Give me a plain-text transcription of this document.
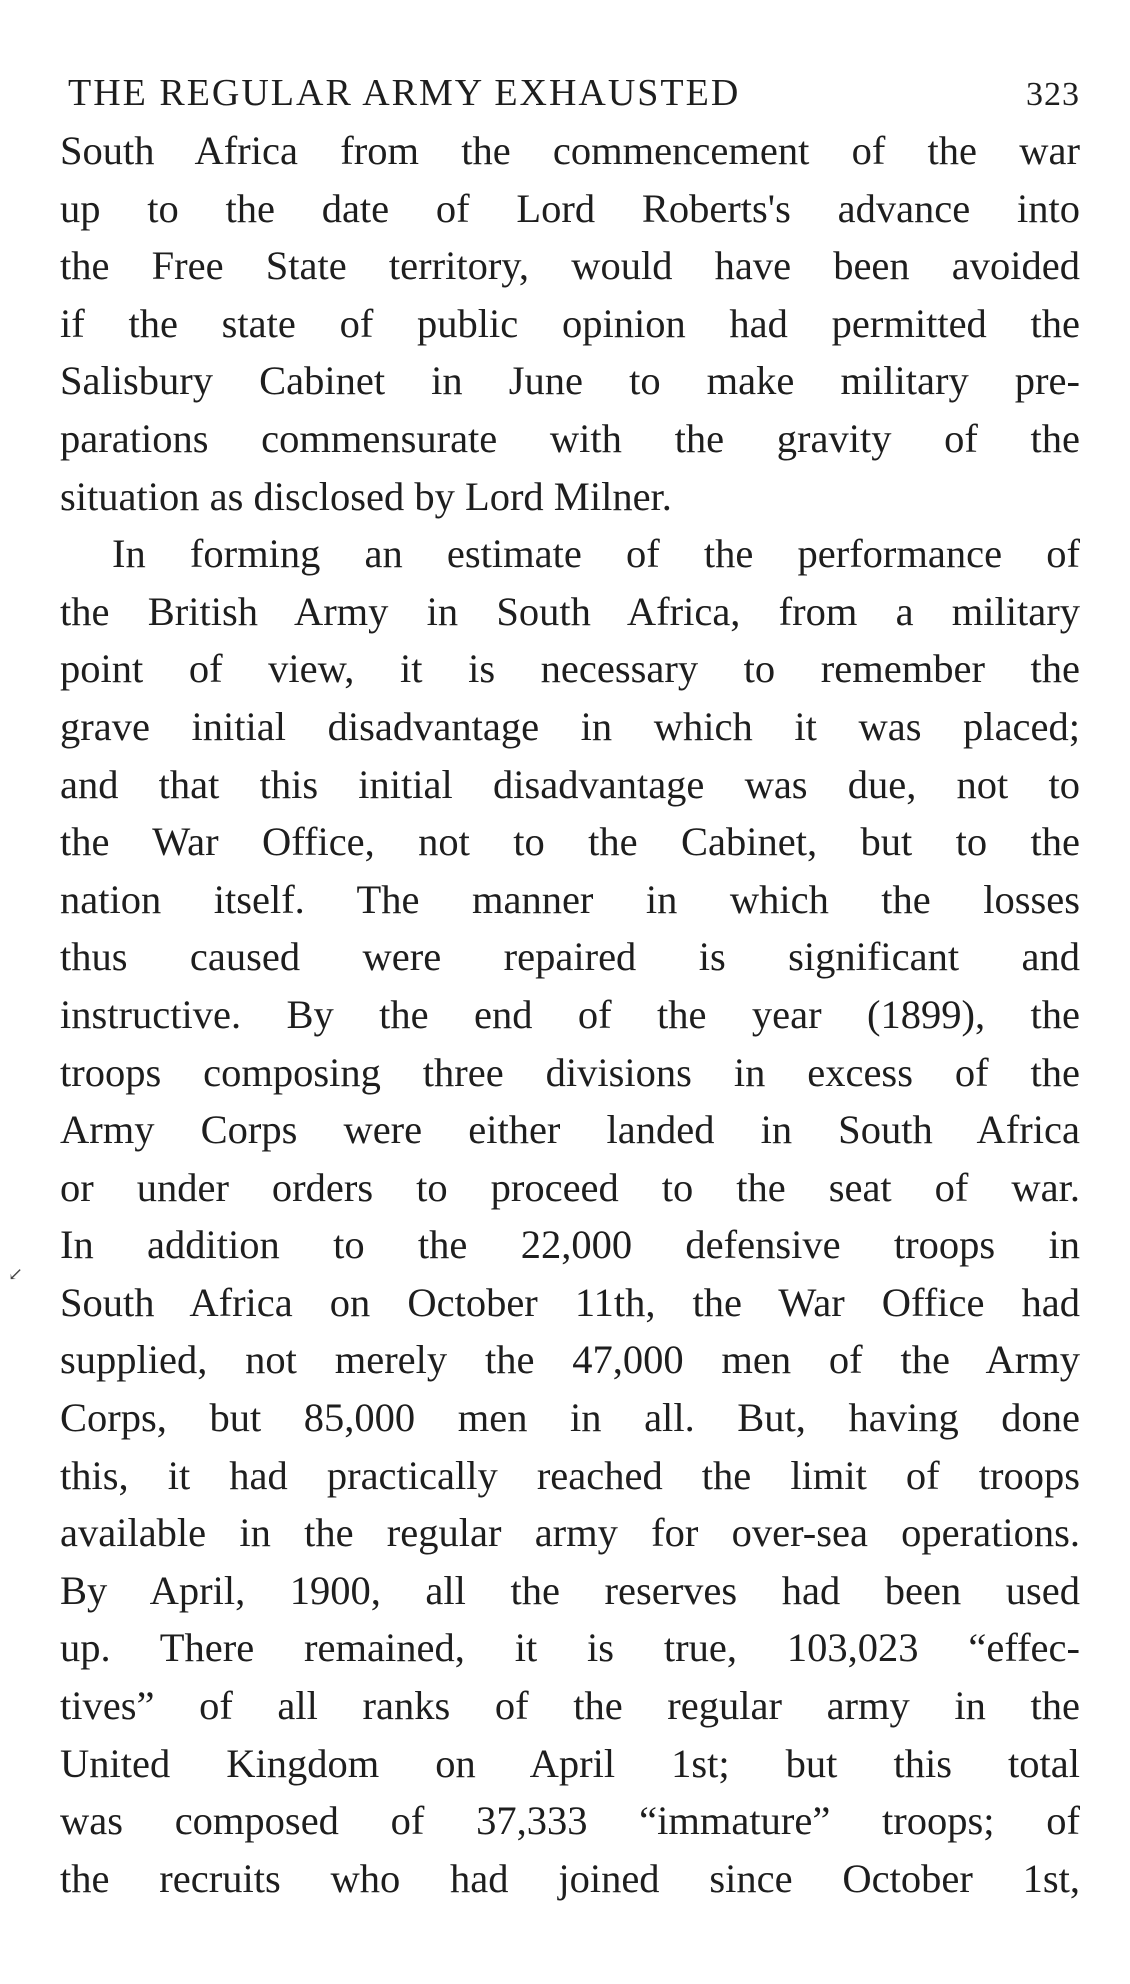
THE REGULAR ARMY EXHAUSTED	323
South Africa from the commencement of the war
up to the date of Lord Roberts's advance into
the Free State territory, would have been avoided
if the state of public opinion had permitted the
Salisbury Cabinet in June to make military pre-
parations commensurate with the gravity of the
situation as disclosed by Lord Milner.
In forming an estimate of the performance of
the British Army in South Africa, from a military
point of view, it is necessary to remember the
grave initial disadvantage in which it was placed;
and that this initial disadvantage was due, not to
the War Office, not to the Cabinet, but to the
nation itself. The manner in which the losses
thus caused were repaired is significant and
instructive. By the end of the year (1899), the
troops composing three divisions in excess of the
Army Corps were either landed in South Africa
or under orders to proceed to the seat of war.
In addition to the 22,000 defensive troops in
South Africa on October 11th, the War Office had
supplied, not merely the 47,000 men of the Army
Corps, but 85,000 men in all. But, having done
this, it had practically reached the limit of troops
available in the regular army for over-sea operations.
By April, 1900, all the reserves had been used
up. There remained, it is true, 103,023 “effec-
tives” of all ranks of the regular army in the
United Kingdom on April 1st; but this total
was composed of 37,333 “immature” troops; of
the recruits who had joined since October 1st,
↙
